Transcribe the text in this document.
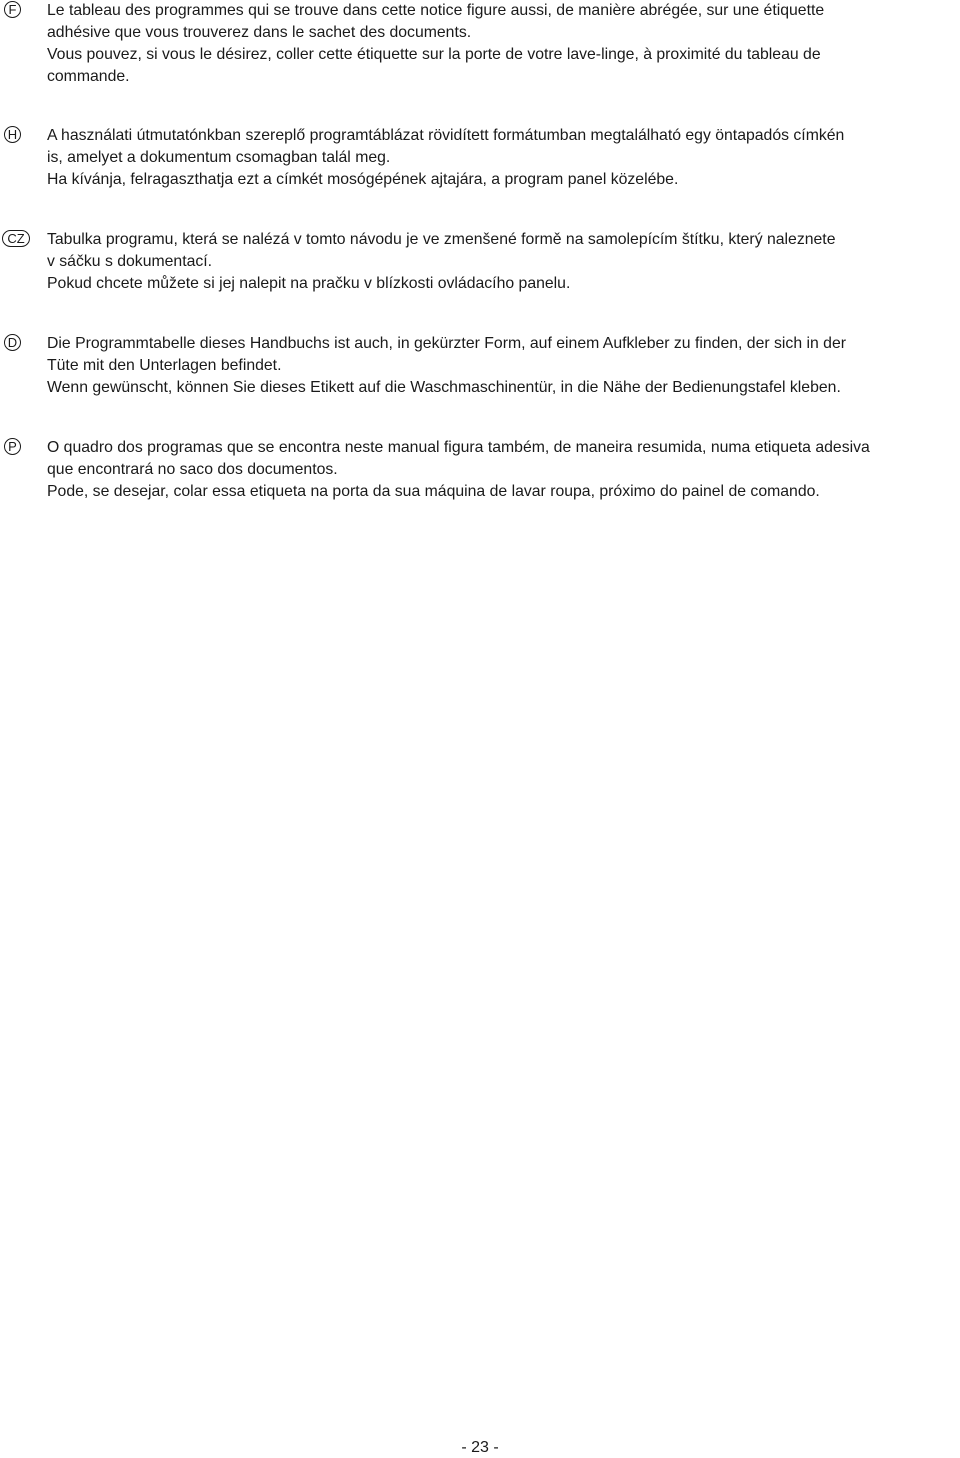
F Le tableau des programmes qui se trouve dans cette notice figure aussi, de manière abrégée, sur une étiquette
adhésive que vous trouverez dans le sachet des documents.
Vous pouvez, si vous le désirez, coller cette étiquette sur la porte de votre lave-linge, à proximité du tableau de
commande.
H A használati útmutatónkban szereplő programtáblázat rövidített formátumban megtalálható egy öntapadós címkén
is, amelyet a dokumentum csomagban talál meg.
Ha kívánja, felragaszthatja ezt a címkét mosógépének ajtajára, a program panel közelébe.
CZ	Tabulka programu, která se nalézá v tomto návodu je ve zmenšené formě na samolepícím štítku, který naleznete
v sáčku s dokumentací.
Pokud chcete můžete si jej nalepit na pračku v blízkosti ovládacího panelu.
D Die Programmtabelle dieses Handbuchs ist auch, in gekürzter Form, auf einem Aufkleber zu finden, der sich in der
Tüte mit den Unterlagen befindet.
Wenn gewünscht, können Sie dieses Etikett auf die Waschmaschinentür, in die Nähe der Bedienungstafel kleben.
P O quadro dos programas que se encontra neste manual figura também, de maneira resumida, numa etiqueta adesiva
que encontrará no saco dos documentos.
Pode, se desejar, colar essa etiqueta na porta da sua máquina de lavar roupa, próximo do painel de comando.
- 23 -
